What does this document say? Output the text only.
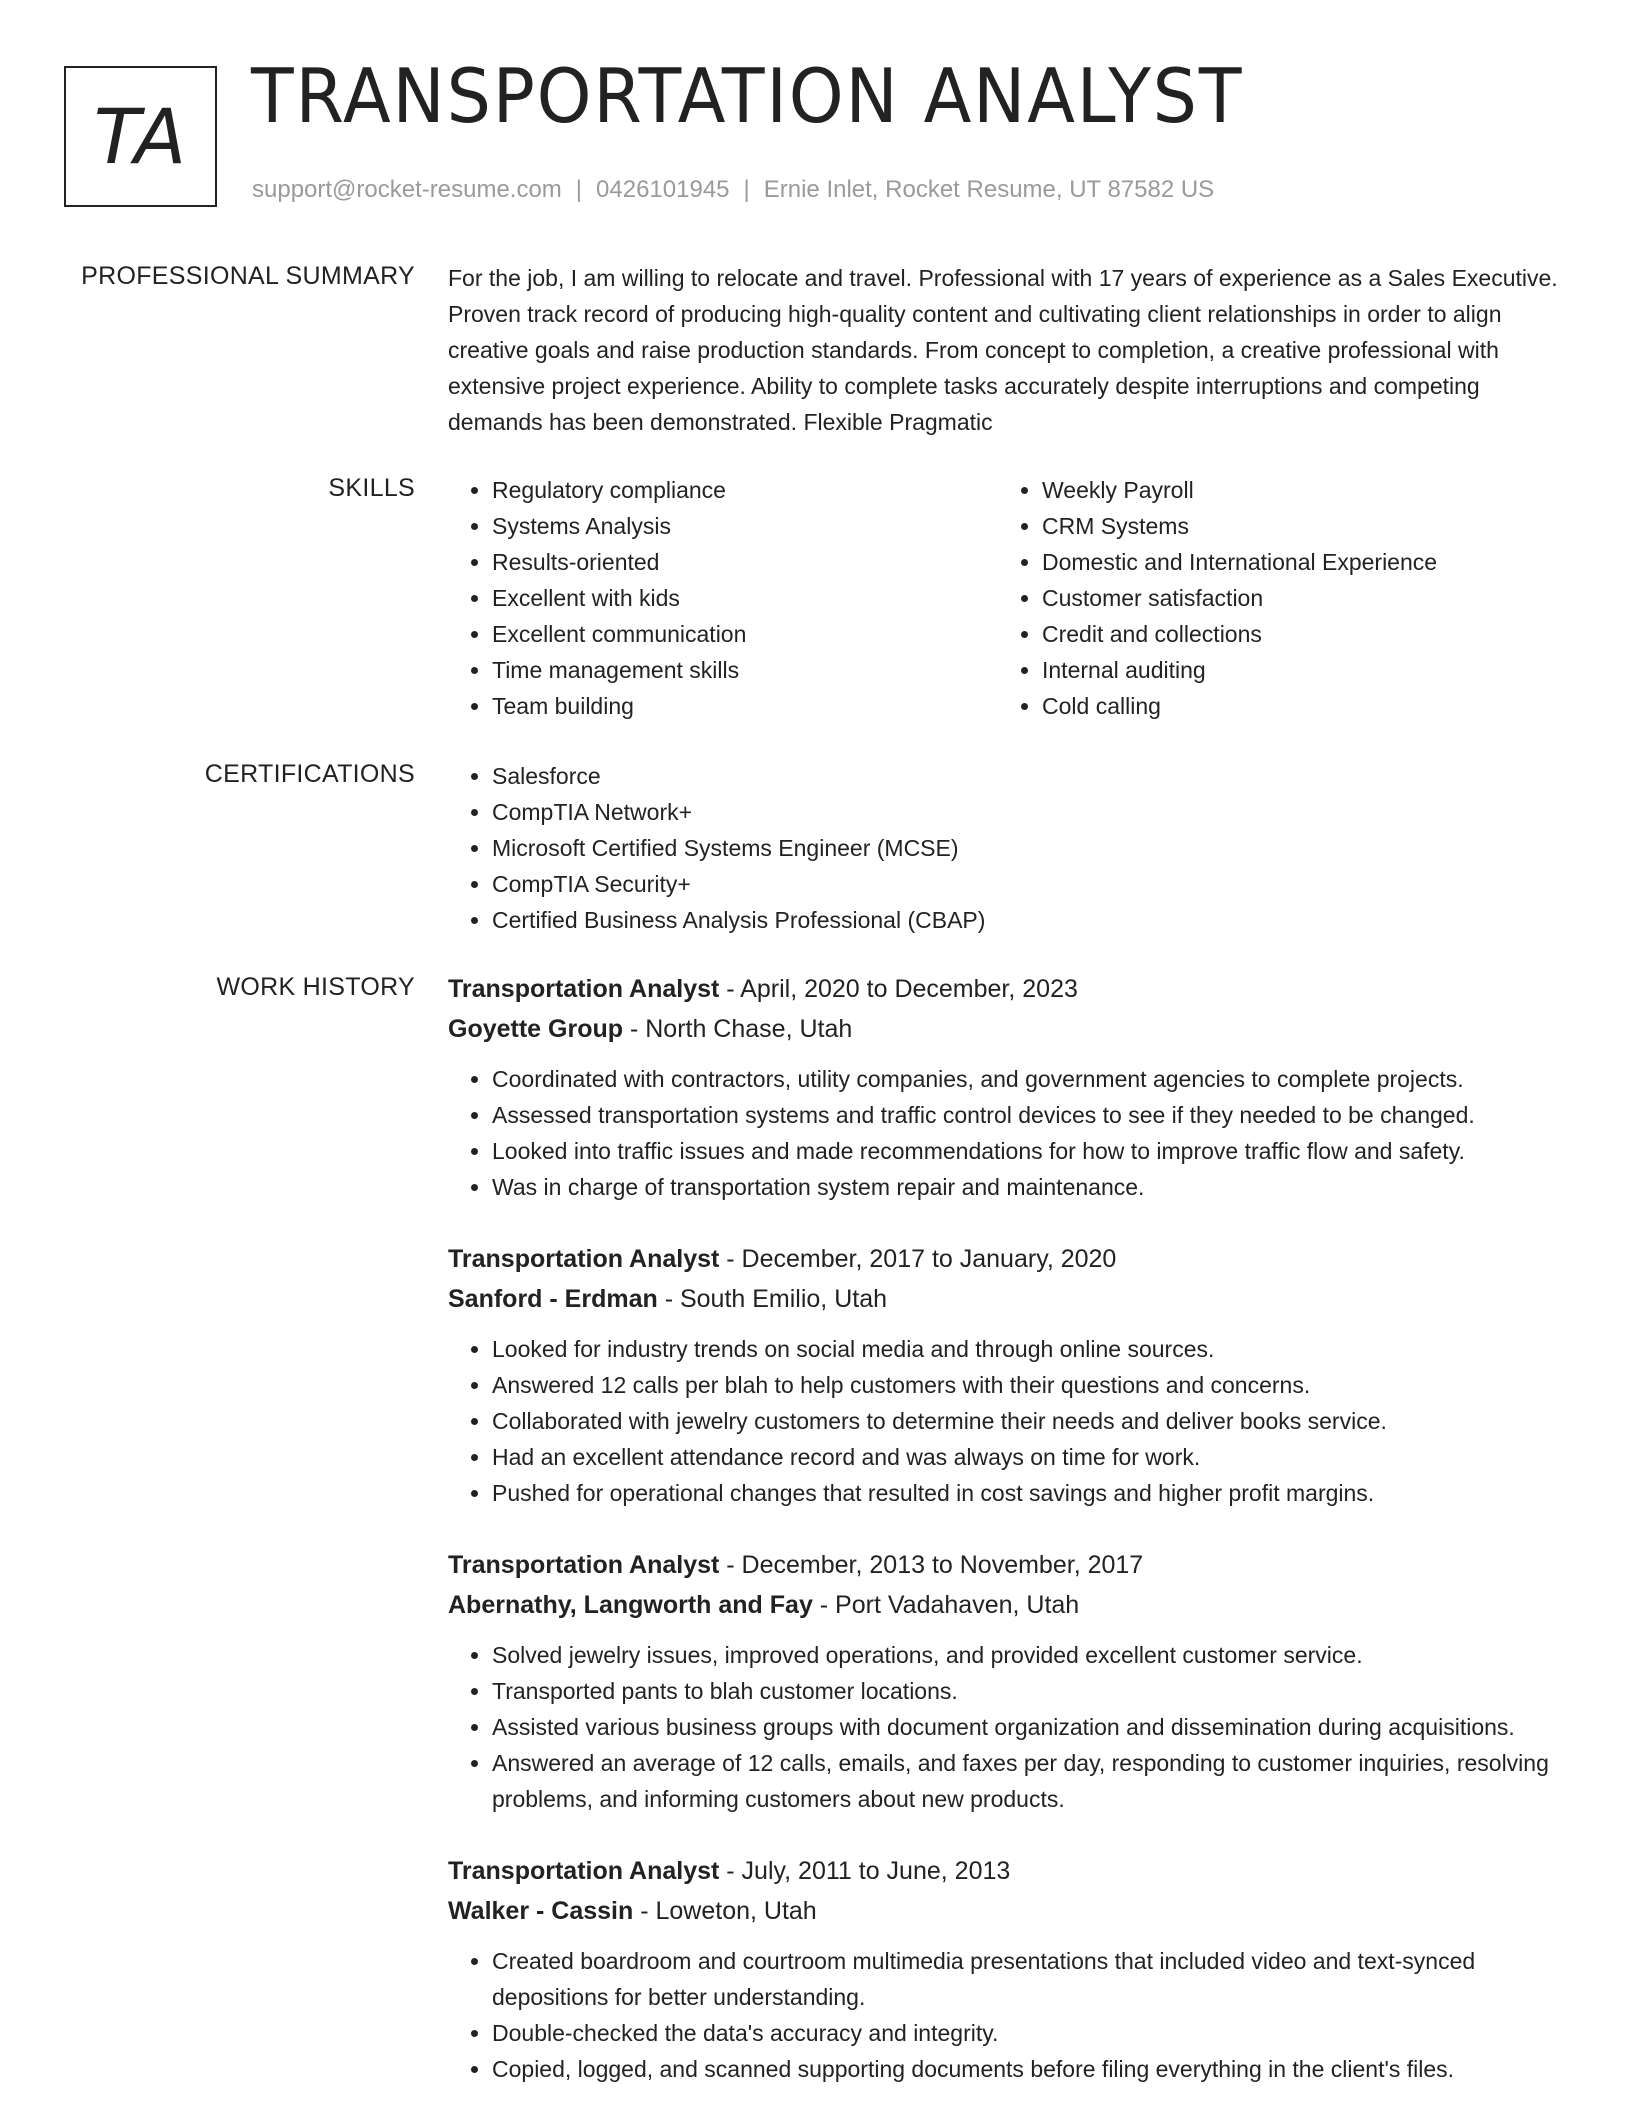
TA TRANSPORTATION ANALYST
support@rocket-resume.com | 0426101945 | Ernie Inlet, Rocket Resume, UT 87582 US
PROFESSIONAL SUMMARY For the job, I am willing to relocate and travel. Professional with 17 years of experience as a Sales Executive. Proven track record of producing high-quality content and cultivating client relationships in order to align creative goals and raise production standards. From concept to completion, a creative professional with extensive project experience. Ability to complete tasks accurately despite interruptions and competing demands has been demonstrated. Flexible Pragmatic
SKILLS	• Regulatory compliance
• Systems Analysis
• Results-oriented
• Excellent with kids
• Excellent communication
• Time management skills
• Team building
• Weekly Payroll
• CRM Systems
• Domestic and International Experience
• Customer satisfaction
• Credit and collections
• Internal auditing
• Cold calling
CERTIFICATIONS	• Salesforce
• CompTIA Network+
• Microsoft Certified Systems Engineer (MCSE)
• CompTIA Security+
• Certified Business Analysis Professional (CBAP)
WORK HISTORY Transportation Analyst - April, 2020 to December, 2023
Goyette Group - North Chase, Utah
• Coordinated with contractors, utility companies, and government agencies to complete projects.
• Assessed transportation systems and traffic control devices to see if they needed to be changed.
• Looked into traffic issues and made recommendations for how to improve traffic flow and safety.
• Was in charge of transportation system repair and maintenance.
Transportation Analyst - December, 2017 to January, 2020
Sanford - Erdman - South Emilio, Utah
• Looked for industry trends on social media and through online sources.
• Answered 12 calls per blah to help customers with their questions and concerns.
• Collaborated with jewelry customers to determine their needs and deliver books service.
• Had an excellent attendance record and was always on time for work.
• Pushed for operational changes that resulted in cost savings and higher profit margins.
Transportation Analyst - December, 2013 to November, 2017
Abernathy, Langworth and Fay - Port Vadahaven, Utah
• Solved jewelry issues, improved operations, and provided excellent customer service.
• Transported pants to blah customer locations.
• Assisted various business groups with document organization and dissemination during acquisitions.
• Answered an average of 12 calls, emails, and faxes per day, responding to customer inquiries, resolving problems, and informing customers about new products.
Transportation Analyst - July, 2011 to June, 2013
Walker - Cassin - Loweton, Utah
• Created boardroom and courtroom multimedia presentations that included video and text-synced depositions for better understanding.
• Double-checked the data's accuracy and integrity.
• Copied, logged, and scanned supporting documents before filing everything in the client's files.
